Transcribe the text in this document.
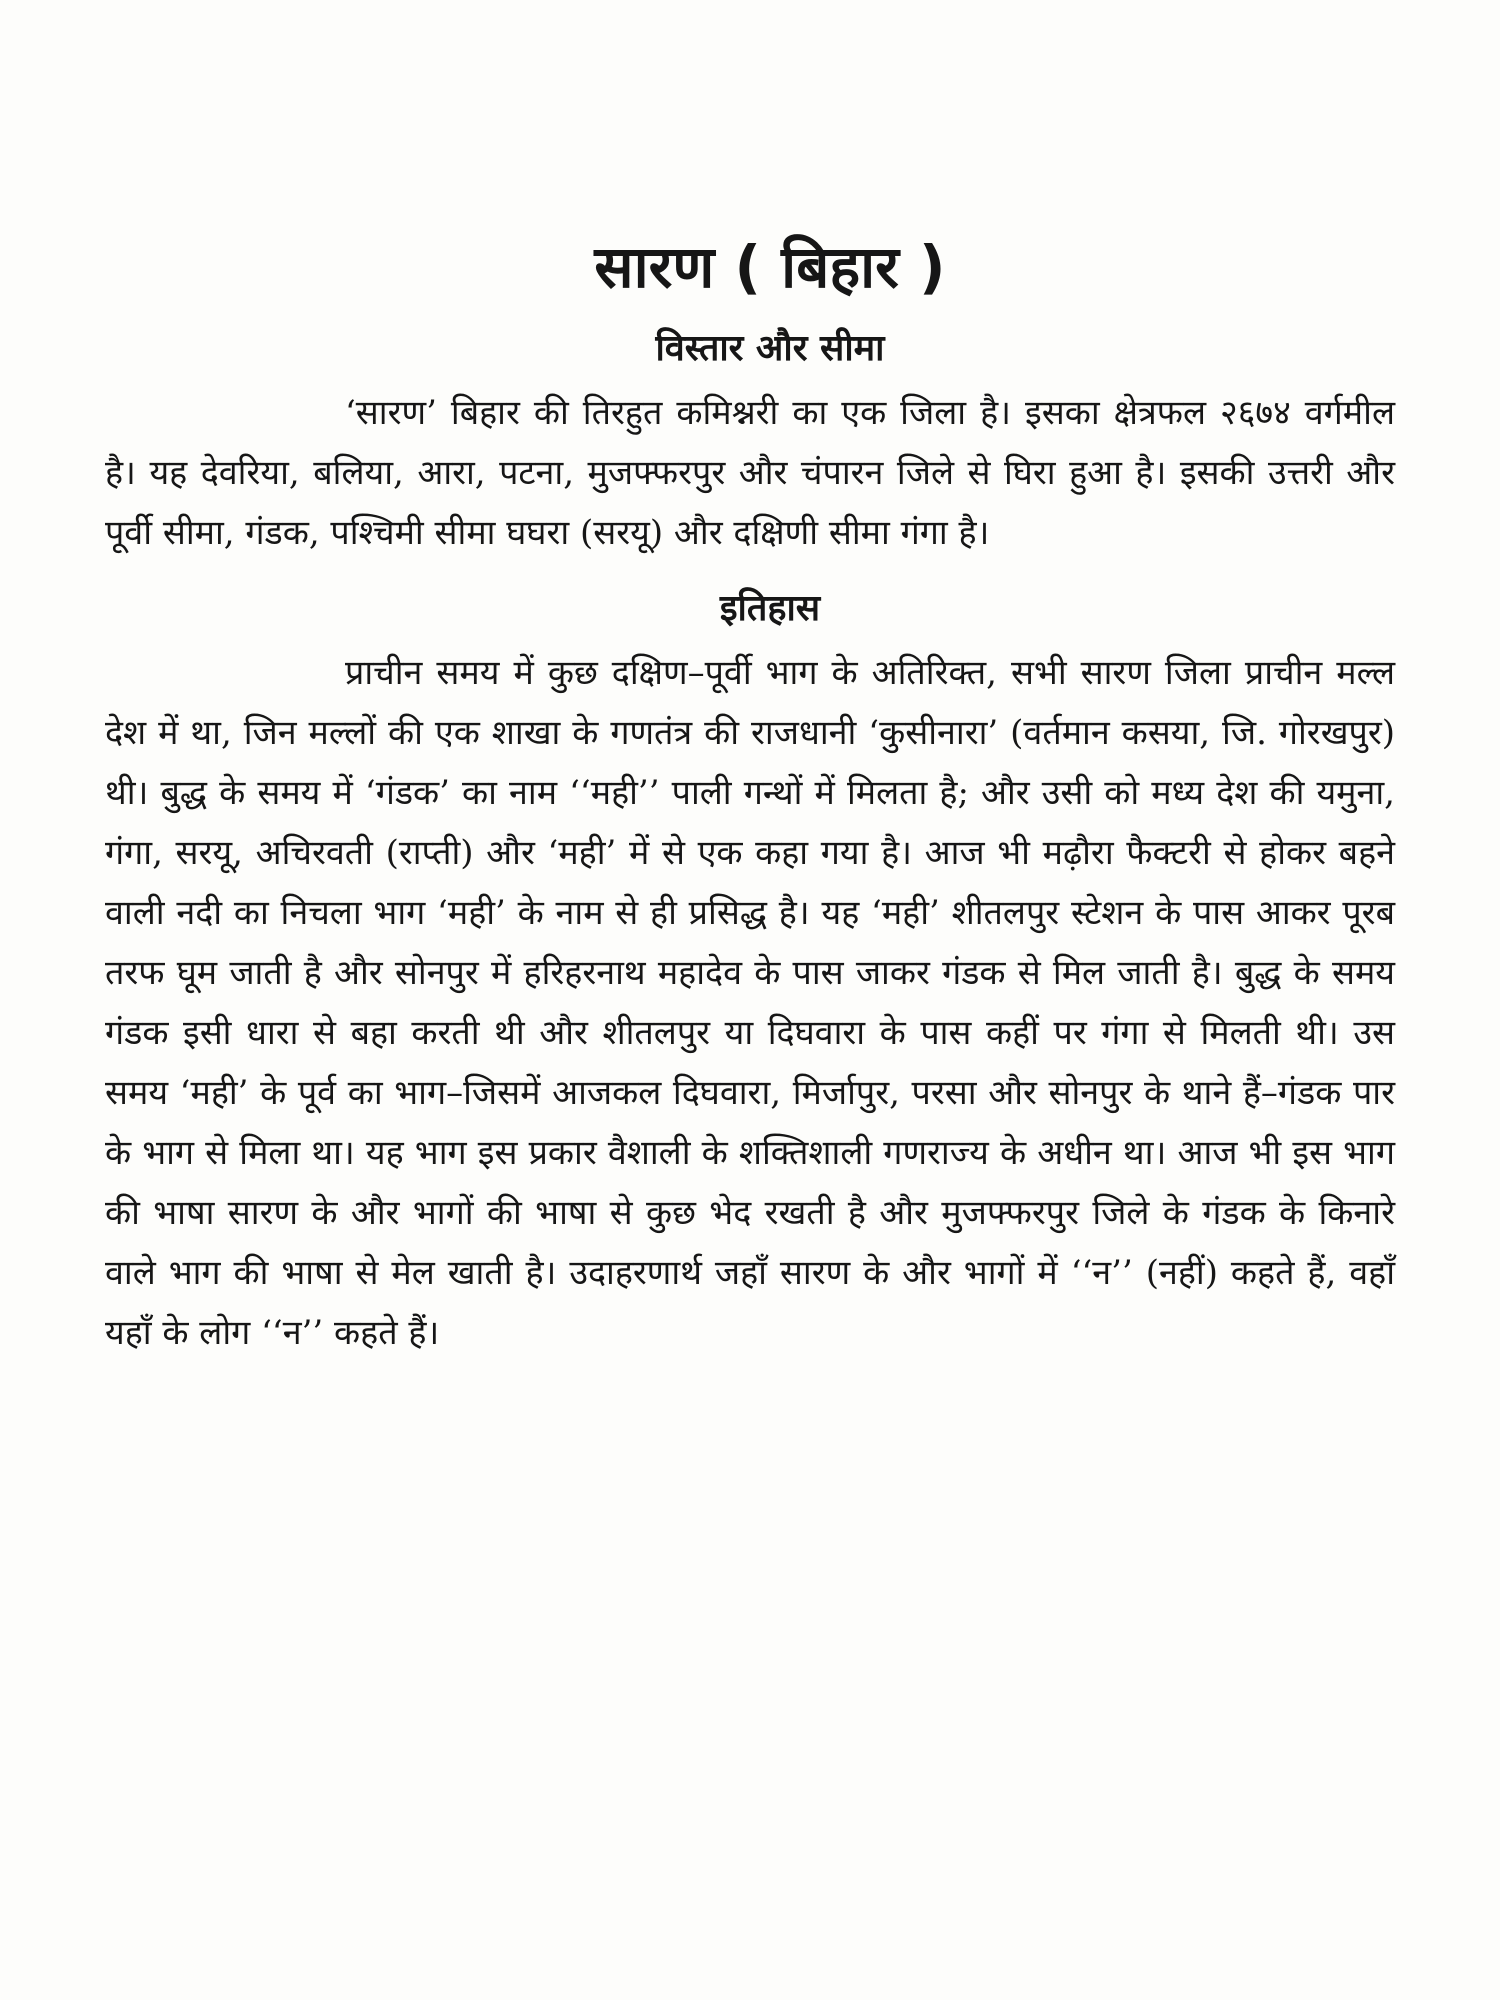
सारण ( बिहार )
विस्तार और सीमा

‘सारण’ बिहार की तिरहुत कमिश्नरी का एक जिला है। इसका क्षेत्रफल २६७४ वर्गमील है। यह देवरिया, बलिया, आरा, पटना, मुजफ्फरपुर और चंपारन जिले से घिरा हुआ है। इसकी उत्तरी और पूर्वी सीमा, गंडक, पश्चिमी सीमा घघरा (सरयू) और दक्षिणी सीमा गंगा है।

इतिहास

प्राचीन समय में कुछ दक्षिण–पूर्वी भाग के अतिरिक्त, सभी सारण जिला प्राचीन मल्ल देश में था, जिन मल्लों की एक शाखा के गणतंत्र की राजधानी ‘कुसीनारा’ (वर्तमान कसया, जि. गोरखपुर) थी। बुद्ध के समय में ‘गंडक’ का नाम ‘‘मही’’ पाली गन्थों में मिलता है; और उसी को मध्य देश की यमुना, गंगा, सरयू, अचिरवती (राप्ती) और ‘मही’ में से एक कहा गया है। आज भी मढ़ौरा फैक्टरी से होकर बहने वाली नदी का निचला भाग ‘मही’ के नाम से ही प्रसिद्ध है। यह ‘मही’ शीतलपुर स्टेशन के पास आकर पूरब तरफ घूम जाती है और सोनपुर में हरिहरनाथ महादेव के पास जाकर गंडक से मिल जाती है। बुद्ध के समय गंडक इसी धारा से बहा करती थी और शीतलपुर या दिघवारा के पास कहीं पर गंगा से मिलती थी। उस समय ‘मही’ के पूर्व का भाग–जिसमें आजकल दिघवारा, मिर्जापुर, परसा और सोनपुर के थाने हैं–गंडक पार के भाग से मिला था। यह भाग इस प्रकार वैशाली के शक्तिशाली गणराज्य के अधीन था। आज भी इस भाग की भाषा सारण के और भागों की भाषा से कुछ भेद रखती है और मुजफ्फरपुर जिले के गंडक के किनारे वाले भाग की भाषा से मेल खाती है। उदाहरणार्थ जहाँ सारण के और भागों में ‘‘न’’ (नहीं) कहते हैं, वहाँ यहाँ के लोग ‘‘न’’ कहते हैं।
